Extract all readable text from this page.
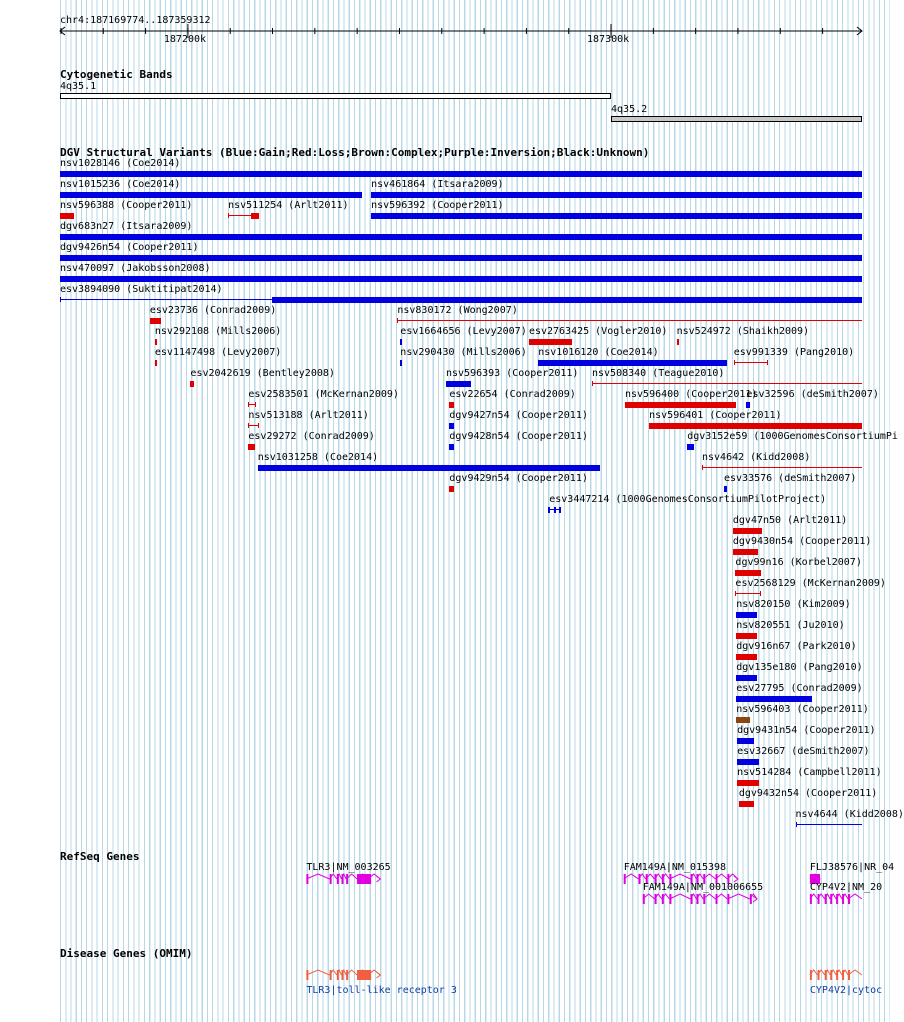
chr4:187169774..187359312
187200k	187300k
Cytogenetic Bands
4q35.1
4q35.2
DGV Structural Variants (Blue:Gain;Red:Loss;Brown:Complex;Purple:Inversion;Black:Unknown)
nsv1028146 (Coe2014)
nsv1015236 (Coe2014)	nsv461864 (Itsara2009)
nsv596388 (Cooper2011)	nsv511254 (Arlt2011) nsv596392 (Cooper2011)
dgv683n27 (Itsara2009)
dgv9426n54 (Cooper2011)
nsv470097 (Jakobsson2008)
esv3894090 (Suktitipat2014)
esv23736 (Conrad2009)	nsv830172 (Wong2007)
nsv292108 (Mills2006)	esv1664656 (Levy2007) esv2763425 (Vogler2010) nsv524972 (Shaikh2009)
esv1147498 (Levy2007)	nsv290430 (Mills2006) nsv1016120 (Coe2014)	esv991339 (Pang2010)
esv2042619 (Bentley2008)	nsv596393 (Cooper2011) nsv508340 (Teague2010)
esv2583501 (McKernan2009)	esv22654 (Conrad2009)	nsv596400 (Cooper2011)
esv32596 (deSmith2007)
nsv513188 (Arlt2011)	dgv9427n54 (Cooper2011)	nsv596401 (Cooper2011)
esv29272 (Conrad2009)	dgv9428n54 (Cooper2011)	dgv3152e59 (1000GenomesConsortiumPi
nsv1031258 (Coe2014)	nsv4642 (Kidd2008)
dgv9429n54 (Cooper2011)	esv33576 (deSmith2007)
esv3447214 (1000GenomesConsortiumPilotProject)
dgv47n50 (Arlt2011)
dgv9430n54 (Cooper2011)
dgv99n16 (Korbel2007)
esv2568129 (McKernan2009)
nsv820150 (Kim2009)
nsv820551 (Ju2010)
dgv916n67 (Park2010)
dgv135e180 (Pang2010)
esv27795 (Conrad2009)
nsv596403 (Cooper2011)
dgv9431n54 (Cooper2011)
esv32667 (deSmith2007)
nsv514284 (Campbell2011)
dgv9432n54 (Cooper2011)
nsv4644 (Kidd2008)
RefSeq Genes
TLR3|NM_003265	FAM149A|NM_015398
FAM149A|NM_001006655
FLJ38576|NR_04
CYP4V2|NM_20
Disease Genes (OMIM)
TLR3|toll-like receptor 3	CYP4V2|cytoc
